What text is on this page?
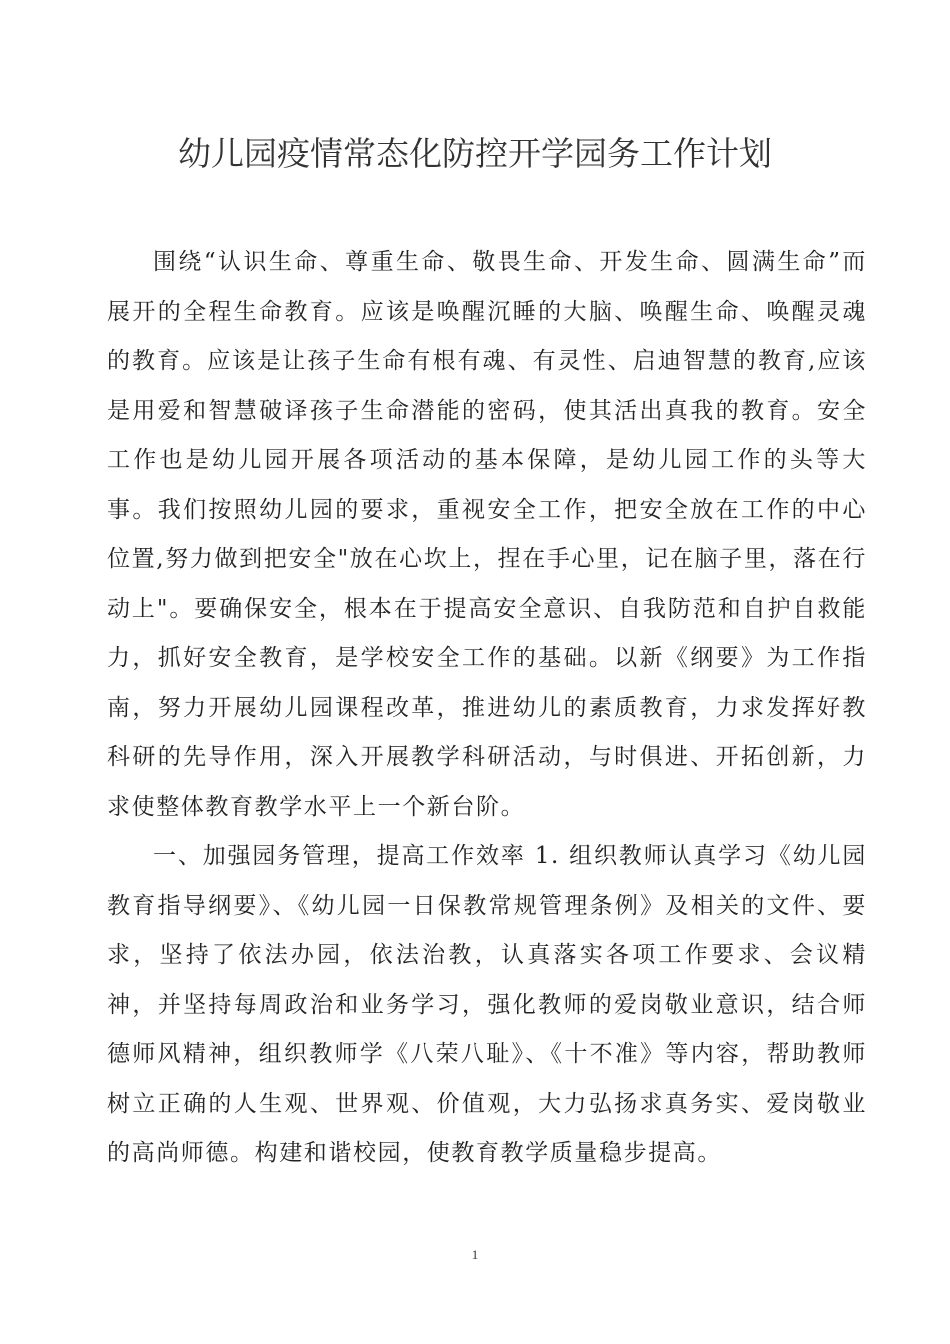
幼儿园疫情常态化防控开学园务工作计划

围绕“认识生命、尊重生命、敬畏生命、开发生命、圆满生命”而展开的全程生命教育。应该是唤醒沉睡的大脑、唤醒生命、唤醒灵魂的教育。应该是让孩子生命有根有魂、有灵性、启迪智慧的教育,应该是用爱和智慧破译孩子生命潜能的密码，使其活出真我的教育。安全工作也是幼儿园开展各项活动的基本保障，是幼儿园工作的头等大事。我们按照幼儿园的要求，重视安全工作，把安全放在工作的中心位置,努力做到把安全"放在心坎上，捏在手心里，记在脑子里，落在行动上"。要确保安全，根本在于提高安全意识、自我防范和自护自救能力，抓好安全教育，是学校安全工作的基础。以新《纲要》为工作指南，努力开展幼儿园课程改革，推进幼儿的素质教育，力求发挥好教科研的先导作用，深入开展教学科研活动，与时俱进、开拓创新，力求使整体教育教学水平上一个新台阶。

一、加强园务管理，提高工作效率 1. 组织教师认真学习《幼儿园教育指导纲要》、《幼儿园一日保教常规管理条例》及相关的文件、要求，坚持了依法办园，依法治教，认真落实各项工作要求、会议精神，并坚持每周政治和业务学习，强化教师的爱岗敬业意识，结合师德师风精神，组织教师学《八荣八耻》、《十不准》等内容，帮助教师树立正确的人生观、世界观、价值观，大力弘扬求真务实、爱岗敬业的高尚师德。构建和谐校园，使教育教学质量稳步提高。

1
